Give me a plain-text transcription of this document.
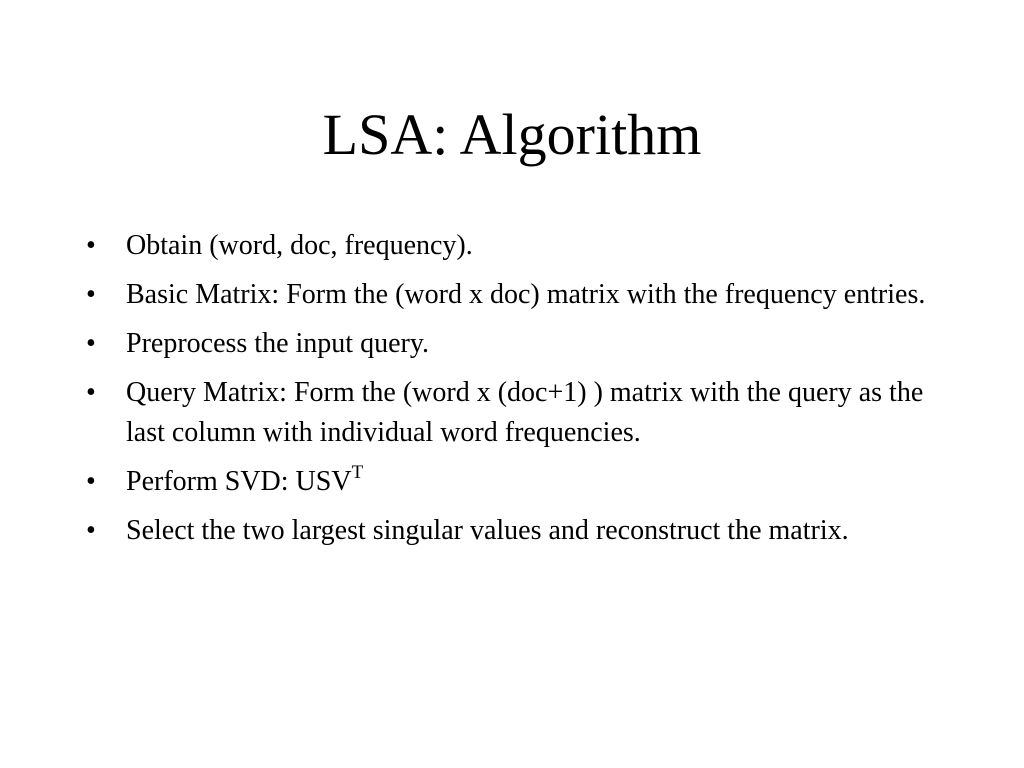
LSA: Algorithm
•	Obtain (word, doc, frequency).
•	Basic Matrix: Form the (word x doc) matrix with the frequency entries.
•	Preprocess the input query.
•	Query Matrix: Form the (word x (doc+1) ) matrix with the query as the last column with individual word frequencies.
•	Perform SVD: $USV^T$
•	Select the two largest singular values and reconstruct the matrix.
